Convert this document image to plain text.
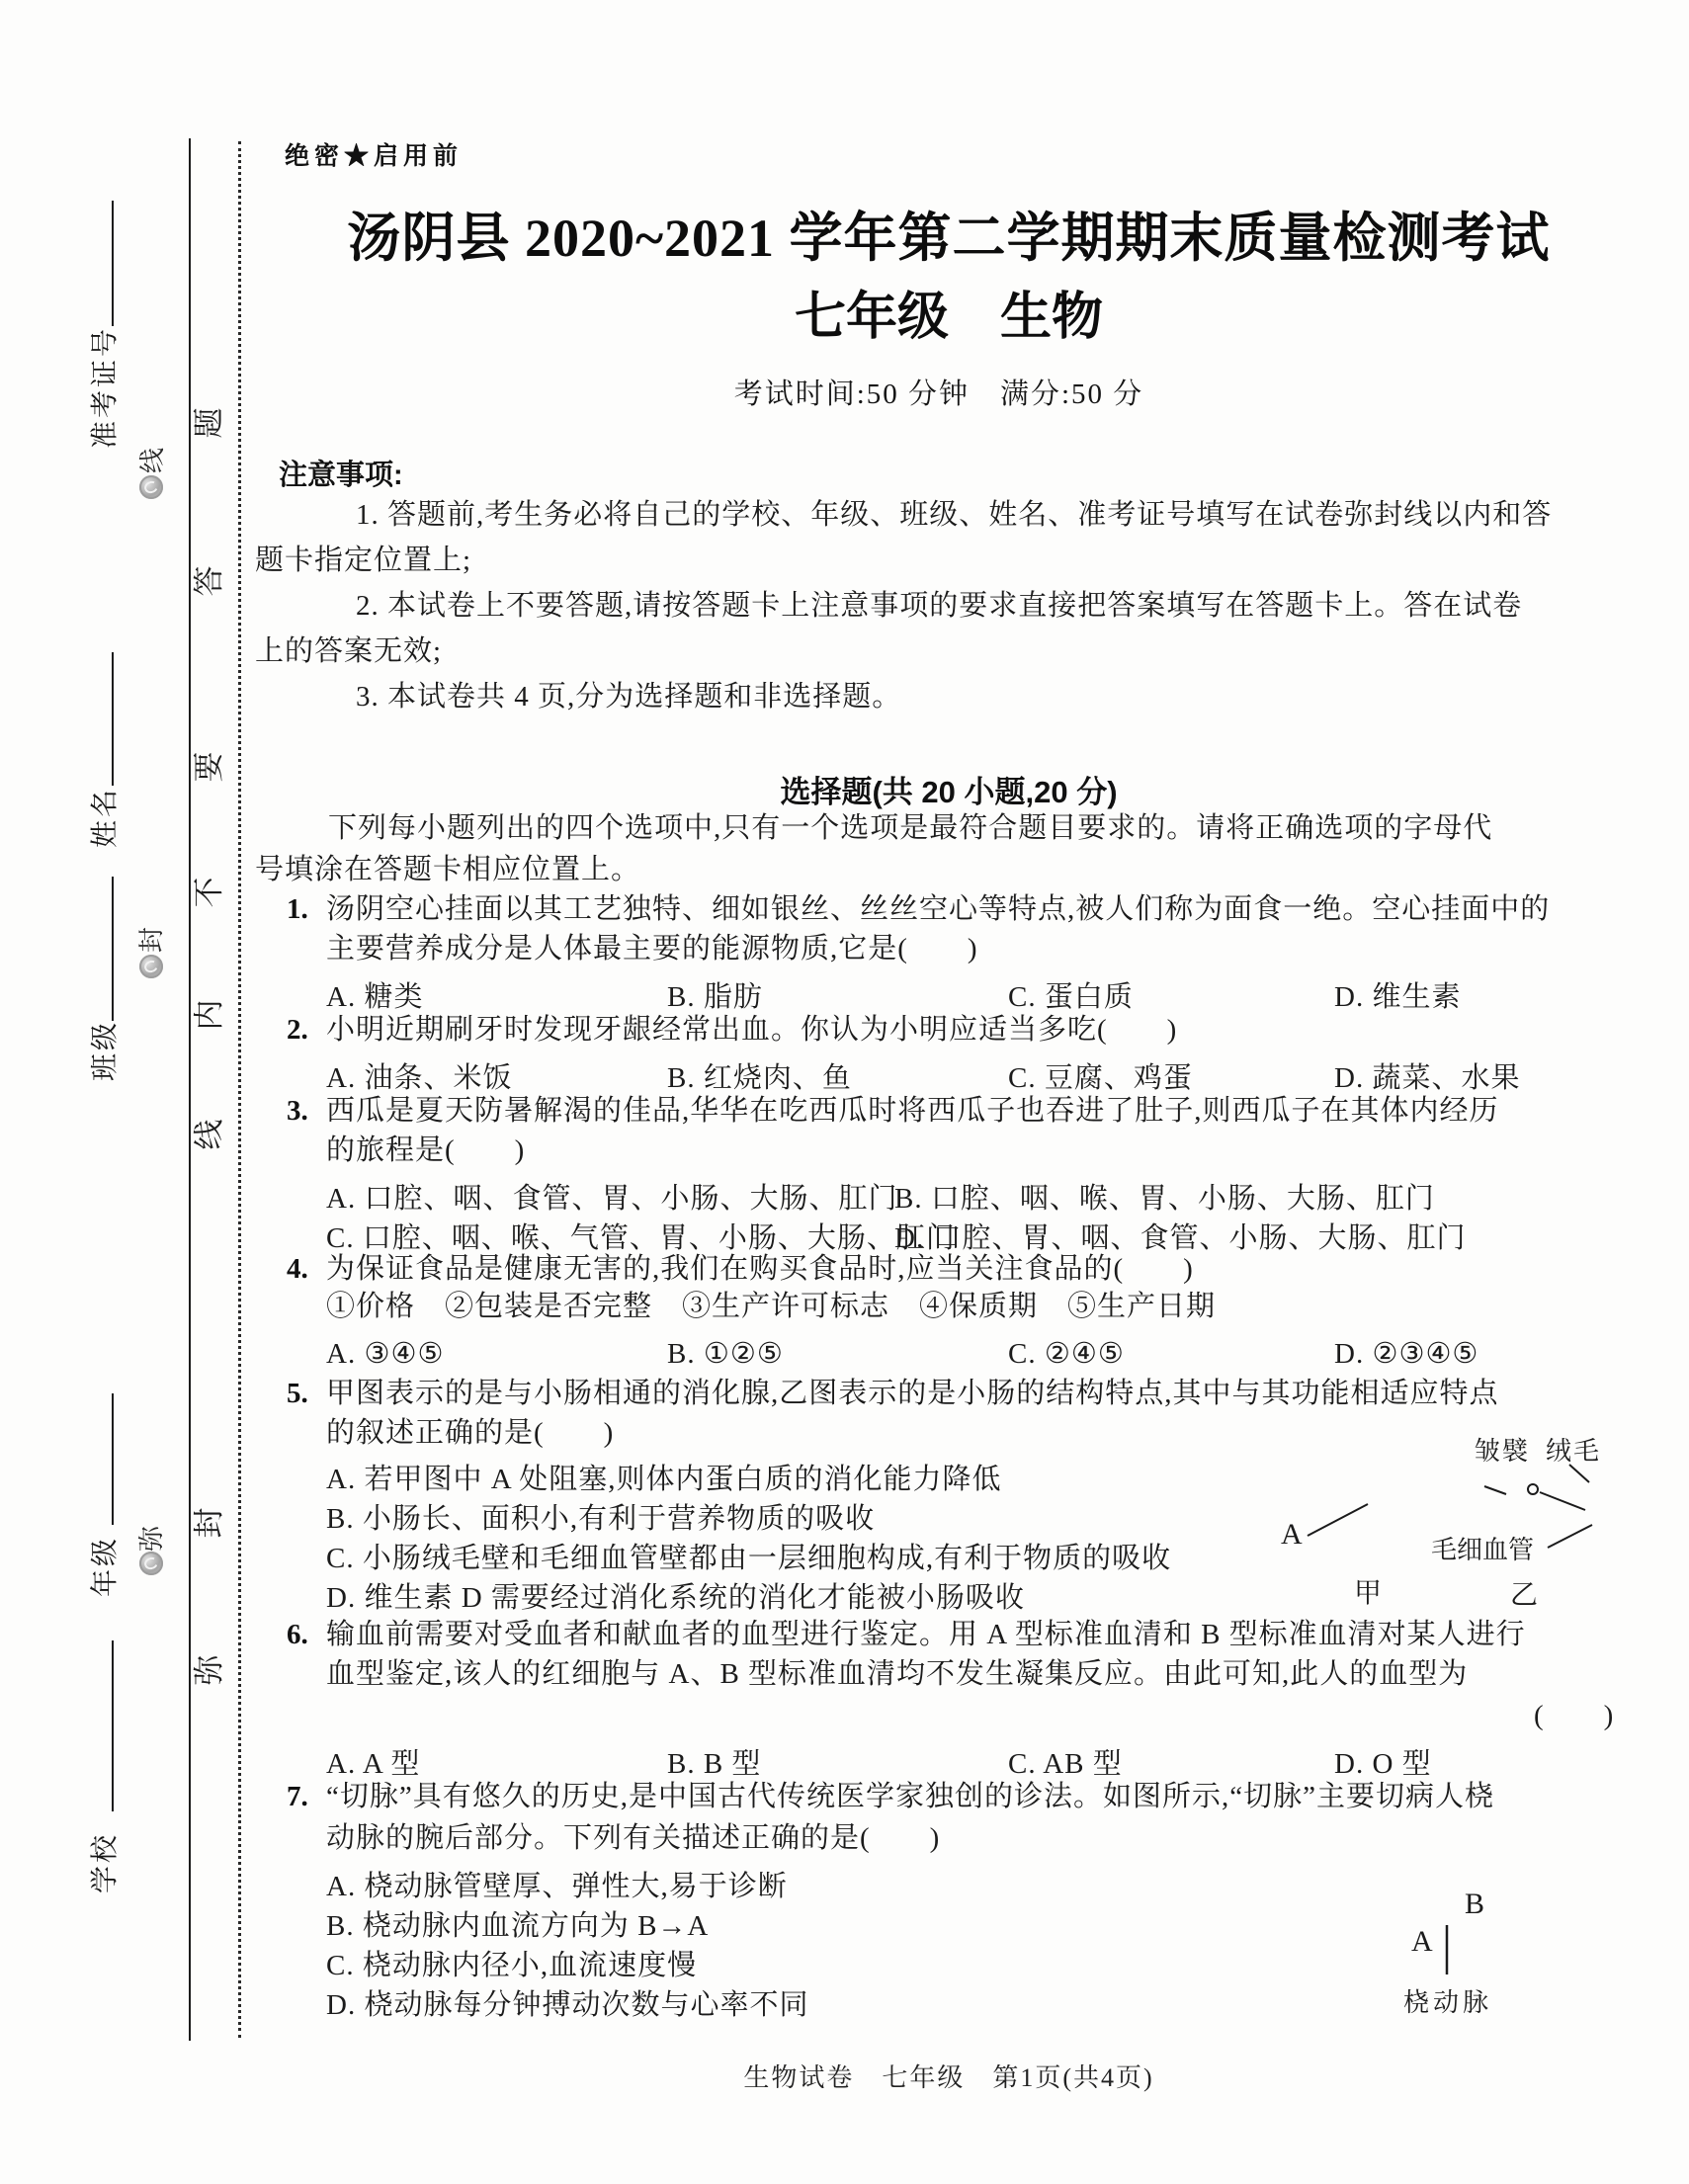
准考证号
姓名
班级
年级
学校
题
答
要
不
内
线
封
弥
线
封
弥
绝密★启用前
汤阴县 2020~2021 学年第二学期期末质量检测考试
七年级　生物
考试时间:50 分钟　满分:50 分
注意事项:
1. 答题前,考生务必将自己的学校、年级、班级、姓名、准考证号填写在试卷弥封线以内和答
题卡指定位置上;
2. 本试卷上不要答题,请按答题卡上注意事项的要求直接把答案填写在答题卡上。答在试卷
上的答案无效;
3. 本试卷共 4 页,分为选择题和非选择题。
选择题(共 20 小题,20 分)
下列每小题列出的四个选项中,只有一个选项是最符合题目要求的。请将正确选项的字母代
号填涂在答题卡相应位置上。
1. 汤阴空心挂面以其工艺独特、细如银丝、丝丝空心等特点,被人们称为面食一绝。空心挂面中的
主要营养成分是人体最主要的能源物质,它是(　　)
A. 糖类	B. 脂肪	C. 蛋白质	D. 维生素
2. 小明近期刷牙时发现牙龈经常出血。你认为小明应适当多吃(　　)
A. 油条、米饭	B. 红烧肉、鱼	C. 豆腐、鸡蛋	D. 蔬菜、水果
3. 西瓜是夏天防暑解渴的佳品,华华在吃西瓜时将西瓜子也吞进了肚子,则西瓜子在其体内经历
的旅程是(　　)
A. 口腔、咽、食管、胃、小肠、大肠、肛门
B. 口腔、咽、喉、胃、小肠、大肠、肛门
C. 口腔、咽、喉、气管、胃、小肠、大肠、肛门
D. 口腔、胃、咽、食管、小肠、大肠、肛门
4. 为保证食品是健康无害的,我们在购买食品时,应当关注食品的(　　)
①价格　②包装是否完整　③生产许可标志　④保质期　⑤生产日期
A. ③④⑤	B. ①②⑤	C. ②④⑤	D. ②③④⑤
5. 甲图表示的是与小肠相通的消化腺,乙图表示的是小肠的结构特点,其中与其功能相适应特点
的叙述正确的是(　　)
A. 若甲图中 A 处阻塞,则体内蛋白质的消化能力降低
B. 小肠长、面积小,有利于营养物质的吸收
C. 小肠绒毛壁和毛细血管壁都由一层细胞构成,有利于物质的吸收
D. 维生素 D 需要经过消化系统的消化才能被小肠吸收
皱襞 绒毛
A	毛细血管
甲	乙
6. 输血前需要对受血者和献血者的血型进行鉴定。用 A 型标准血清和 B 型标准血清对某人进行
血型鉴定,该人的红细胞与 A、B 型标准血清均不发生凝集反应。由此可知,此人的血型为
(　　)
A. A 型	B. B 型	C. AB 型	D. O 型
7. “切脉”具有悠久的历史,是中国古代传统医学家独创的诊法。如图所示,“切脉”主要切病人桡
动脉的腕后部分。下列有关描述正确的是(　　)
A. 桡动脉管壁厚、弹性大,易于诊断
B. 桡动脉内血流方向为 B→A
C. 桡动脉内径小,血流速度慢
D. 桡动脉每分钟搏动次数与心率不同
B
A
桡动脉
生物试卷　七年级　第1页(共4页)
